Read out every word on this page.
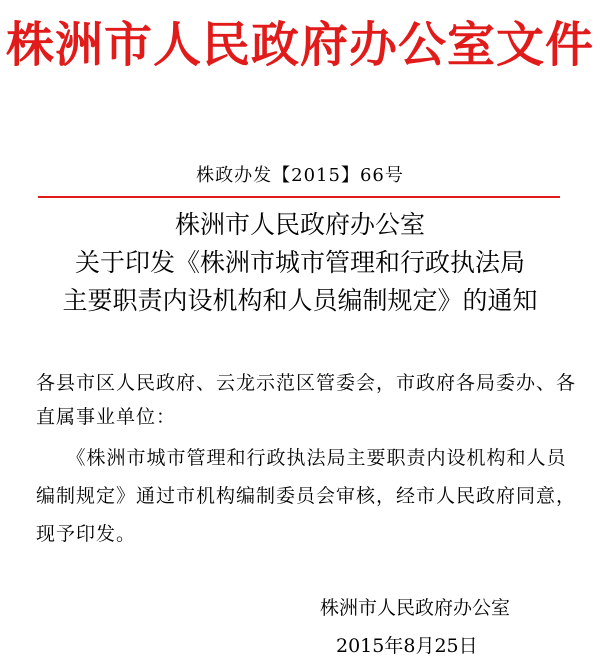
株洲市人民政府办公室文件
株政办发【2015】66号
株洲市人民政府办公室
关于印发《株洲市城市管理和行政执法局
主要职责内设机构和人员编制规定》的通知
各县市区人民政府、云龙示范区管委会，市政府各局委办、各
直属事业单位：
　　《株洲市城市管理和行政执法局主要职责内设机构和人员
编制规定》通过市机构编制委员会审核，经市人民政府同意，
现予印发。
株洲市人民政府办公室
2015年8月25日
